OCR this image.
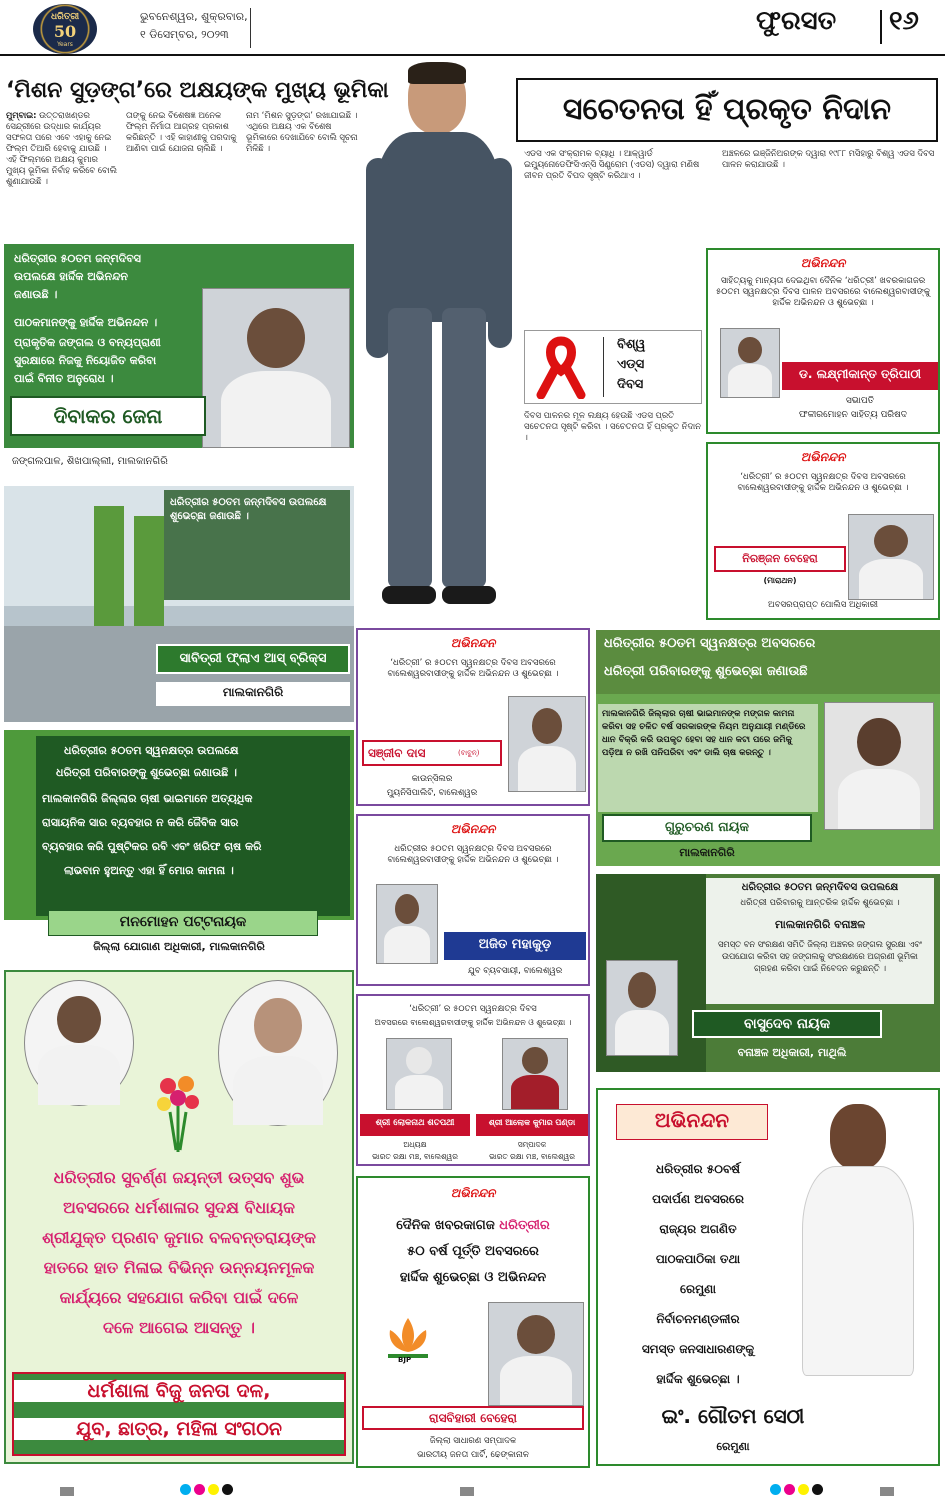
ଧରିତ୍ରୀ
50
Years
ଭୁବନେଶ୍ୱର, ଶୁକ୍ରବାର,
୧ ଡିସେମ୍ବର, ୨୦୨୩	ଫୁରସତ ୧୬
‘ମିଶନ ସୁଡ଼ଙ୍ଗ’ରେ ଅକ୍ଷୟଙ୍କ ମୁଖ୍ୟ ଭୂମିକା
ମୁମ୍ବାଇ: ଉତ୍ତରାଖଣ୍ଡର ସେନ୍ଦ୍ରୀରେ ଉଦ୍ଧାର କାର୍ଯ୍ୟର ସଫଳତା ପରେ ଏବେ ଏହାକୁ ନେଇ ଫିଲ୍ମ ତିଆରି ହେବାକୁ ଯାଉଛି । ଏହି ଫିଲ୍ମରେ ଅକ୍ଷୟ କୁମାର ମୁଖ୍ୟ ଭୂମିକା ନିର୍ବାହ କରିବେ ବୋଲି ଶୁଣାଯାଉଛି ।
ତାଙ୍କୁ ନେଇ ବିଶେଷଜ୍ଞ ଅନେକ ଫିଲ୍ମ ନିର୍ମାତା ଆଗ୍ରହ ପ୍ରକାଶ କରିଛନ୍ତି । ଏହି କାହାଣୀକୁ ପରଦାକୁ ଆଣିବା ପାଇଁ ଯୋଜନା ଚାଲିଛି ।
ନାମ ‘ମିଶନ ସୁଡ଼ଙ୍ଗ’ ରଖାଯାଇଛି । ଏଥିରେ ଅକ୍ଷୟ ଏକ ବିଶେଷ ଭୂମିକାରେ ଦେଖାଯିବେ ବୋଲି ସୂଚନା ମିଳିଛି ।
ସଚେତନତା ହିଁ ପ୍ରକୃତ ନିଦାନ
ଏଡସ ଏକ ସଂକ୍ରାମକ ବ୍ୟାଧି । ଆକ୍ୱାର୍ଡ ଇମ୍ୟୁନୋଡେଫିସିଏନ୍ସି ସିଣ୍ଡ୍ରୋମ (ଏଡସ) ଦ୍ୱାରା ମଣିଷ ଜୀବନ ପ୍ରତି ବିପଦ ସୃଷ୍ଟି କରିଥାଏ ।
ଅଞ୍ଚଳରେ ଇଞ୍ଜିନିଅରଙ୍କ ଦ୍ୱାରା ୧୯୮୮ ମସିହାରୁ ବିଶ୍ୱ ଏଡସ ଦିବସ ପାଳନ କରାଯାଉଛି ।
ବିଶ୍ୱ
ଏଡ୍ସ
ଦିବସ
ଦିବସ ପାଳନର ମୂଳ ଲକ୍ଷ୍ୟ ହେଉଛି ଏଡସ ପ୍ରତି ସଚେତନତା ସୃଷ୍ଟି କରିବା । ସଚେତନତା ହିଁ ପ୍ରକୃତ ନିଦାନ ।
ଧରିତ୍ରୀର ୫୦ତମ ଜନ୍ମଦିବସ
ଉପଲକ୍ଷେ ହାର୍ଦ୍ଦିକ ଅଭିନନ୍ଦନ
ଜଣାଉଛି ।
ପାଠକମାନଙ୍କୁ ହାର୍ଦ୍ଦିକ ଅଭିନନ୍ଦନ ।
ପ୍ରାକୃତିକ ଜଙ୍ଗଲ ଓ ବନ୍ୟପ୍ରାଣୀ
ସୁରକ୍ଷାରେ ନିଜକୁ ନିୟୋଜିତ କରିବା
ପାଇଁ ବିନୀତ ଅନୁରୋଧ ।
ଦିବାକର ଜେନା
ଜଙ୍ଗଲପାଳ, ଶିଖପାଲ୍ଲୀ, ମାଲକାନଗିରି
ଧରିତ୍ରୀର ୫୦ତମ ଜନ୍ମଦିବସ ଉପଲକ୍ଷେ ଶୁଭେଚ୍ଛା ଜଣାଉଛି ।
ସାବିତ୍ରୀ ଫ୍ଲାଏ ଆସ୍ ବ୍ରିକ୍ସ
ମାଲକାନଗିରି
ଧରିତ୍ରୀର ୫୦ତମ ସ୍ୱନକ୍ଷତ୍ର ଉପଲକ୍ଷେ
ଧରିତ୍ରୀ ପରିବାରଙ୍କୁ ଶୁଭେଚ୍ଛା ଜଣାଉଛି ।
ମାଲକାନଗିରି ଜିଲ୍ଲାର ଚାଷୀ ଭାଇମାନେ ଅତ୍ୟଧିକ
ରାସାୟନିକ ସାର ବ୍ୟବହାର ନ କରି ଜୈବିକ ସାର
ବ୍ୟବହାର କରି ପୁଷ୍ଟିକର ରବି ଏବଂ ଖରିଫ ଚାଷ କରି
ଲାଭବାନ ହୁଅନ୍ତୁ ଏହା ହିଁ ମୋର କାମନା ।
ମନମୋହନ ପଟ୍ଟନାୟକ
ଜିଲ୍ଲା ଯୋଗାଣ ଅଧିକାରୀ, ମାଲକାନଗିରି
ଧରିତ୍ରୀର ସୁବର୍ଣ୍ଣ ଜୟନ୍ତୀ ଉତ୍ସବ ଶୁଭ
ଅବସରରେ ଧର୍ମଶାଳାର ସୁଦକ୍ଷ ବିଧାୟକ
ଶ୍ରୀଯୁକ୍ତ ପ୍ରଣବ କୁମାର ବଳବନ୍ତରାୟଙ୍କ
ହାତରେ ହାତ ମିଳାଇ ବିଭିନ୍ନ ଉନ୍ନୟନମୂଳକ
କାର୍ଯ୍ୟରେ ସହଯୋଗ କରିବା ପାଇଁ ଦଳେ
ଦଳେ ଆଗେଇ ଆସନ୍ତୁ ।
ଧର୍ମଶାଳା ବିଜୁ ଜନତା ଦଳ,
ଯୁବ, ଛାତ୍ର, ମହିଳା ସଂଗଠନ
ଅଭିନନ୍ଦନ
ସାହିତ୍ୟକୁ ମାନ୍ୟତା ଦେଇଥିବା ଦୈନିକ ‘ଧରିତ୍ରୀ’ ଖବରକାଗଜର ୫୦ତମ ସ୍ୱନକ୍ଷତ୍ର ଦିବସ ପାଳନ ଅବସରରେ ବାଲେଶ୍ୱରବାସୀଙ୍କୁ ହାର୍ଦ୍ଦିକ ଅଭିନନ୍ଦନ ଓ ଶୁଭେଚ୍ଛା ।
ଡ. ଲକ୍ଷ୍ମୀକାନ୍ତ ତ୍ରିପାଠୀ
ସଭାପତି
ଫକୀରମୋହନ ସାହିତ୍ୟ ପରିଷଦ
ଅଭିନନ୍ଦନ
‘ଧରିତ୍ରୀ’ ର ୫୦ତମ ସ୍ୱନକ୍ଷତ୍ର ଦିବସ ଅବସରରେ ବାଲେଶ୍ୱରବାସୀଙ୍କୁ ହାର୍ଦ୍ଦିକ ଅଭିନନ୍ଦନ ଓ ଶୁଭେଚ୍ଛା ।
ନିରଞ୍ଜନ ବେହେରା
(ମାରାଥନ)
ଅବସରପ୍ରାପ୍ତ ପୋଲିସ ଅଧିକାରୀ
ଅଭିନନ୍ଦନ
‘ଧରିତ୍ରୀ’ ର ୫୦ତମ ସ୍ୱନକ୍ଷତ୍ର ଦିବସ ଅବସରରେ ବାଲେଶ୍ୱରବାସୀଙ୍କୁ ହାର୍ଦ୍ଦିକ ଅଭିନନ୍ଦନ ଓ ଶୁଭେଚ୍ଛା ।
ସଞ୍ଜୀବ ଦାସ	(ବାବୁନ୍)
କାଉନ୍ସିଲର
ମ୍ୟୁନିସିପାଲିଟି, ବାଲେଶ୍ୱର
ଧରିତ୍ରୀର ୫୦ତମ ସ୍ୱନକ୍ଷତ୍ର ଅବସରରେ
ଧରିତ୍ରୀ ପରିବାରଙ୍କୁ ଶୁଭେଚ୍ଛା ଜଣାଉଛି
ମାଲକାନଗିରି ଜିଲ୍ଲାର ଚାଷୀ ଭାଇମାନଙ୍କ ମଙ୍ଗଳ କାମନା କରିବା ସହ ଚଳିତ ବର୍ଷ ସରକାରଙ୍କ ନିୟମ ଅନୁଯାୟୀ ମଣ୍ଡିରେ ଧାନ ବିକ୍ରି କରି ଉପକୃତ ହେବା ସହ ଧାନ କଟା ପରେ ଜମିକୁ ପଡ଼ିଆ ନ ରଖି ପନିପରିବା ଏବଂ ଡାଲି ଚାଷ କରନ୍ତୁ ।
ଗୁରୁଚରଣ ନାୟକ
ମାଲକାନଗିରି
ଅଭିନନ୍ଦନ
ଧରିତ୍ରୀର ୫୦ତମ ସ୍ୱନକ୍ଷତ୍ର ଦିବସ ଅବସରରେ ବାଲେଶ୍ୱରବାସୀଙ୍କୁ ହାର୍ଦ୍ଦିକ ଅଭିନନ୍ଦନ ଓ ଶୁଭେଚ୍ଛା ।
ଅଜିତ ମହାକୁଡ଼
ଯୁବ ବ୍ୟବସାୟୀ, ବାଲେଶ୍ୱର
ଧରିତ୍ରୀର ୫୦ତମ ଜନ୍ମଦିବସ ଉପଲକ୍ଷେ
ଧରିତ୍ରୀ ପରିବାରକୁ ଆନ୍ତରିକ ହାର୍ଦ୍ଦିକ ଶୁଭେଚ୍ଛା ।
ମାଲକାନଗିରି ବନାଞ୍ଚଳ
ସମସ୍ତ ବନ ସଂରକ୍ଷଣ ସମିତି ଜିଲ୍ଲା ଅଞ୍ଚଳର ଜଙ୍ଗଲ ସୁରକ୍ଷା ଏବଂ ଉପଯୋଗ କରିବା ସହ ଜଙ୍ଗଲକୁ ସଂରକ୍ଷଣରେ ଅଗ୍ରଣୀ ଭୂମିକା ଗ୍ରହଣ କରିବା ପାଇଁ ନିବେଦନ କରୁଛନ୍ତି ।
ବାସୁଦେବ ନାୟକ
ବନାଞ୍ଚଳ ଅଧିକାରୀ, ମାଥିଲି
‘ଧରିତ୍ରୀ’ ର ୫୦ତମ ସ୍ୱନକ୍ଷତ୍ର ଦିବସ
ଅବସରରେ ବାଲେଶ୍ୱରବାସୀଙ୍କୁ ହାର୍ଦ୍ଦିକ ଅଭିନନ୍ଦନ ଓ ଶୁଭେଚ୍ଛା ।
ଶ୍ରୀ ଲୋକନାଥ ଶତପଥୀ	ଶ୍ରୀ ଆଲୋକ କୁମାର ପଣ୍ଡା
ଅଧ୍ୟକ୍ଷ
ଭାରତ ରକ୍ଷା ମଞ୍ଚ, ବାଲେଶ୍ୱର
ସମ୍ପାଦକ
ଭାରତ ରକ୍ଷା ମଞ୍ଚ, ବାଲେଶ୍ୱର
ଅଭିନନ୍ଦନ
ଦୈନିକ ଖବରକାଗଜ ଧରିତ୍ରୀର
୫୦ ବର୍ଷ ପୂର୍ତ୍ତି ଅବସରରେ
ହାର୍ଦ୍ଦିକ ଶୁଭେଚ୍ଛା ଓ ଅଭିନନ୍ଦନ
BJP
ରାସବିହାରୀ ବେହେରା
ଜିଲ୍ଲା ସାଧାରଣ ସମ୍ପାଦକ
ଭାରତୀୟ ଜନତା ପାର୍ଟି, ଢେଙ୍କାନାଳ
ଅଭିନନ୍ଦନ
ଧରିତ୍ରୀର ୫୦ବର୍ଷ
ପଦାର୍ପଣ ଅବସରରେ
ରାଜ୍ୟର ଅଗଣିତ
ପାଠକପାଠିକା ତଥା
ରେମୁଣା
ନିର୍ବାଚନମଣ୍ଡଳୀର
ସମସ୍ତ ଜନସାଧାରଣଙ୍କୁ
ହାର୍ଦ୍ଦିକ ଶୁଭେଚ୍ଛା ।
ଇଂ. ଗୌତମ ସେଠୀ
ରେମୁଣା
